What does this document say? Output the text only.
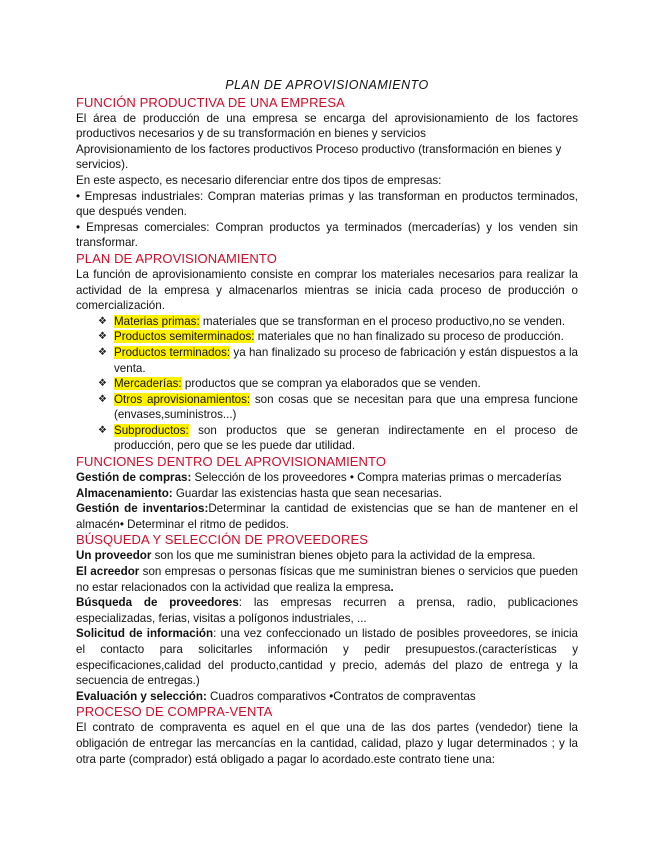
PLAN DE APROVISIONAMIENTO

FUNCIÓN PRODUCTIVA DE UNA EMPRESA

El área de producción de una empresa se encarga del aprovisionamiento de los factores productivos necesarios y de su transformación en bienes y servicios

Aprovisionamiento de los factores productivos Proceso productivo (transformación en bienes y servicios).

En este aspecto, es necesario diferenciar entre dos tipos de empresas:

• Empresas industriales: Compran materias primas y las transforman en productos terminados, que después venden.

• Empresas comerciales: Compran productos ya terminados (mercaderías) y los venden sin transformar.

PLAN DE APROVISIONAMIENTO

La función de aprovisionamiento consiste en comprar los materiales necesarios para realizar la actividad de la empresa y almacenarlos mientras se inicia cada proceso de producción o comercialización.

❖ Materias primas: materiales que se transforman en el proceso productivo,no se venden.
❖ Productos semiterminados: materiales que no han finalizado su proceso de producción.
❖ Productos terminados: ya han finalizado su proceso de fabricación y están dispuestos a la venta.
❖ Mercaderías: productos que se compran ya elaborados que se venden.
❖ Otros aprovisionamientos: son cosas que se necesitan para que una empresa funcione (envases,suministros...)
❖ Subproductos: son productos que se generan indirectamente en el proceso de producción, pero que se les puede dar utilidad.

FUNCIONES DENTRO DEL APROVISIONAMIENTO

Gestión de compras: Selección de los proveedores • Compra materias primas o mercaderías

Almacenamiento: Guardar las existencias hasta que sean necesarias.

Gestión de inventarios:Determinar la cantidad de existencias que se han de mantener en el almacén• Determinar el ritmo de pedidos.

BÚSQUEDA Y SELECCIÓN DE PROVEEDORES

Un proveedor son los que me suministran bienes objeto para la actividad de la empresa.

El acreedor son empresas o personas físicas que me suministran bienes o servicios que pueden no estar relacionados con la actividad que realiza la empresa.

Búsqueda de proveedores: las empresas recurren a prensa, radio, publicaciones especializadas, ferias, visitas a polígonos industriales, ...

Solicitud de información: una vez confeccionado un listado de posibles proveedores, se inicia el contacto para solicitarles información y pedir presupuestos.(características y especificaciones,calidad del producto,cantidad y precio, además del plazo de entrega y la secuencia de entregas.)

Evaluación y selección: Cuadros comparativos •Contratos de compraventas

PROCESO DE COMPRA-VENTA

El contrato de compraventa es aquel en el que una de las dos partes (vendedor) tiene la obligación de entregar las mercancías en la cantidad, calidad, plazo y lugar determinados ; y la otra parte (comprador) está obligado a pagar lo acordado.este contrato tiene una:
